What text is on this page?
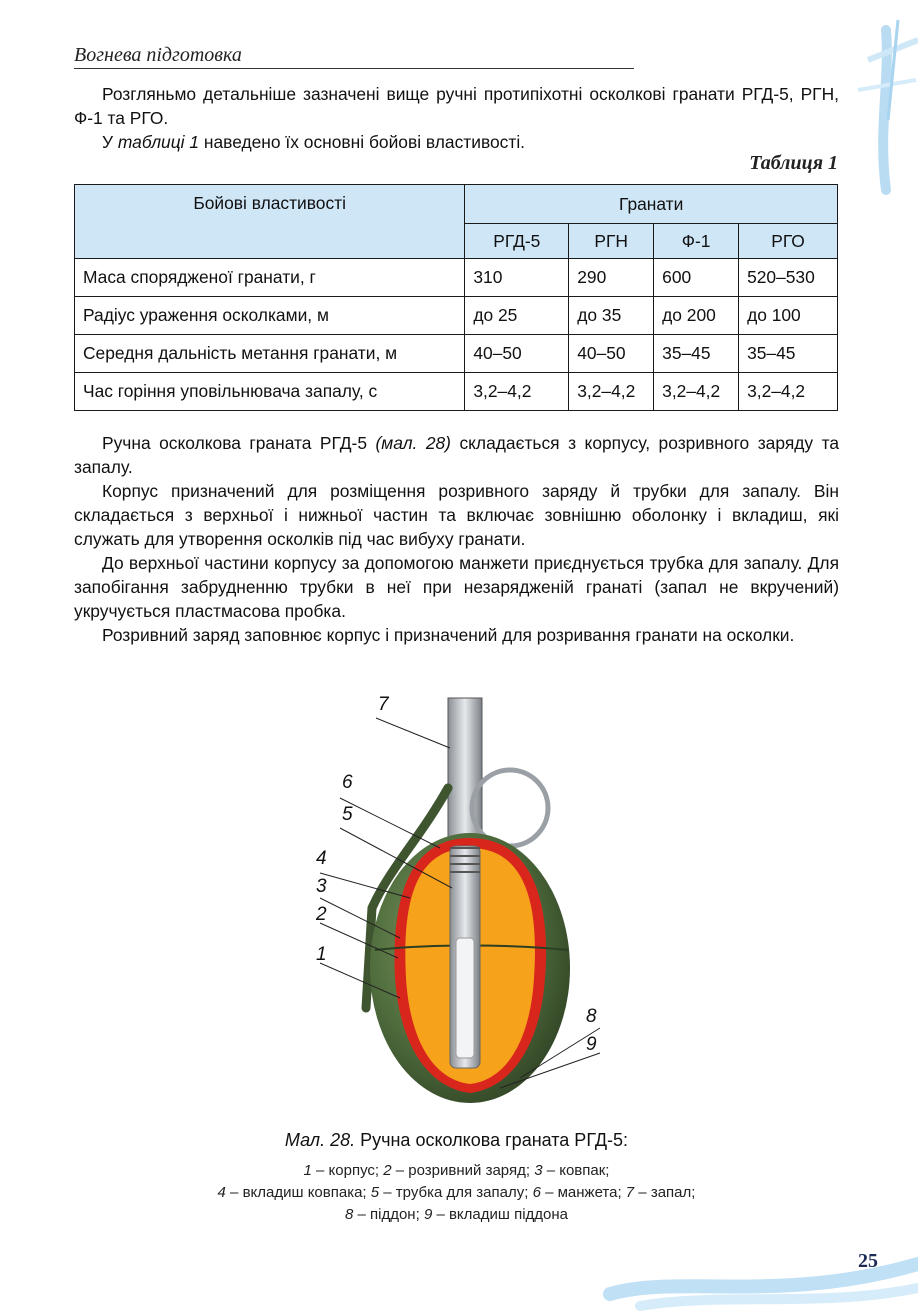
Вогнева підготовка

Розгляньмо детальніше зазначені вище ручні протипіхотні осколкові гранати РГД-5, РГН, Ф-1 та РГО.

У таблиці 1 наведено їх основні бойові властивості.

Таблиця 1
Бойові властивості	Гранати			
	РГД-5	РГН	Ф-1	РГО
Маса спорядженої гранати, г	310	290	600	520–530
Радіус ураження осколками, м	до 25	до 35	до 200	до 100
Середня дальність метання гранати, м	40–50	40–50	35–45	35–45
Час горіння уповільнювача запалу, с	3,2–4,2	3,2–4,2	3,2–4,2	3,2–4,2

Ручна осколкова граната РГД-5 (мал. 28) складається з корпусу, розривного заряду та запалу.

Корпус призначений для розміщення розривного заряду й трубки для запалу. Він складається з верхньої і нижньої частин та включає зовнішню оболонку і вкладиш, які служать для утворення осколків під час вибуху гранати.

До верхньої частини корпусу за допомогою манжети приєднується трубка для запалу. Для запобігання забрудненню трубки в неї при незарядженій гранаті (запал не вкручений) укручується пластмасова пробка.

Розривний заряд заповнює корпус і призначений для розривання гранати на осколки.

7
6
5
4
3
2
1
8
9
Мал. 28. Ручна осколкова граната РГД-5:
1 – корпус; 2 – розривний заряд; 3 – ковпак;
4 – вкладиш ковпака; 5 – трубка для запалу; 6 – манжета; 7 – запал;
8 – піддон; 9 – вкладиш піддона
25
